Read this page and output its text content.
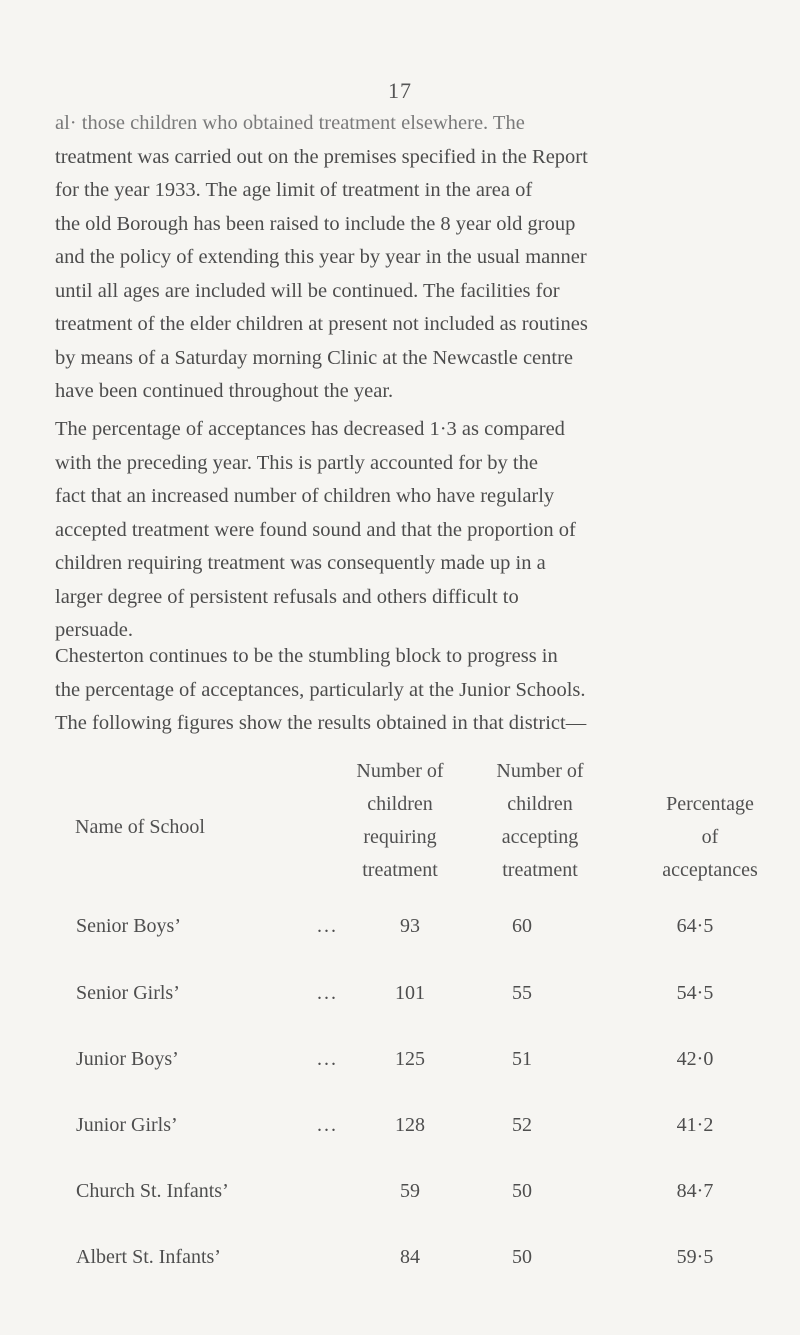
17

al· those children who obtained treatment elsewhere. The
treatment was carried out on the premises specified in the Report
for the year 1933. The age limit of treatment in the area of
the old Borough has been raised to include the 8 year old group
and the policy of extending this year by year in the usual manner
until all ages are included will be continued. The facilities for
treatment of the elder children at present not included as routines
by means of a Saturday morning Clinic at the Newcastle centre
have been continued throughout the year.

The percentage of acceptances has decreased 1·3 as compared
with the preceding year. This is partly accounted for by the
fact that an increased number of children who have regularly
accepted treatment were found sound and that the proportion of
children requiring treatment was consequently made up in a
larger degree of persistent refusals and others difficult to
persuade.

Chesterton continues to be the stumbling block to progress in
the percentage of acceptances, particularly at the Junior Schools.
The following figures show the results obtained in that district—

Name of School
Number of
children
requiring
treatment
Number of
children
accepting
treatment
Percentage
of
acceptances
Senior Boys’	...	93	60	64·5
Senior Girls’	...	101	55	54·5
Junior Boys’	...	125	51	42·0
Junior Girls’	...	128	52	41·2
Church St. Infants’	59	50	84·7
Albert St. Infants’	84	50	59·5
